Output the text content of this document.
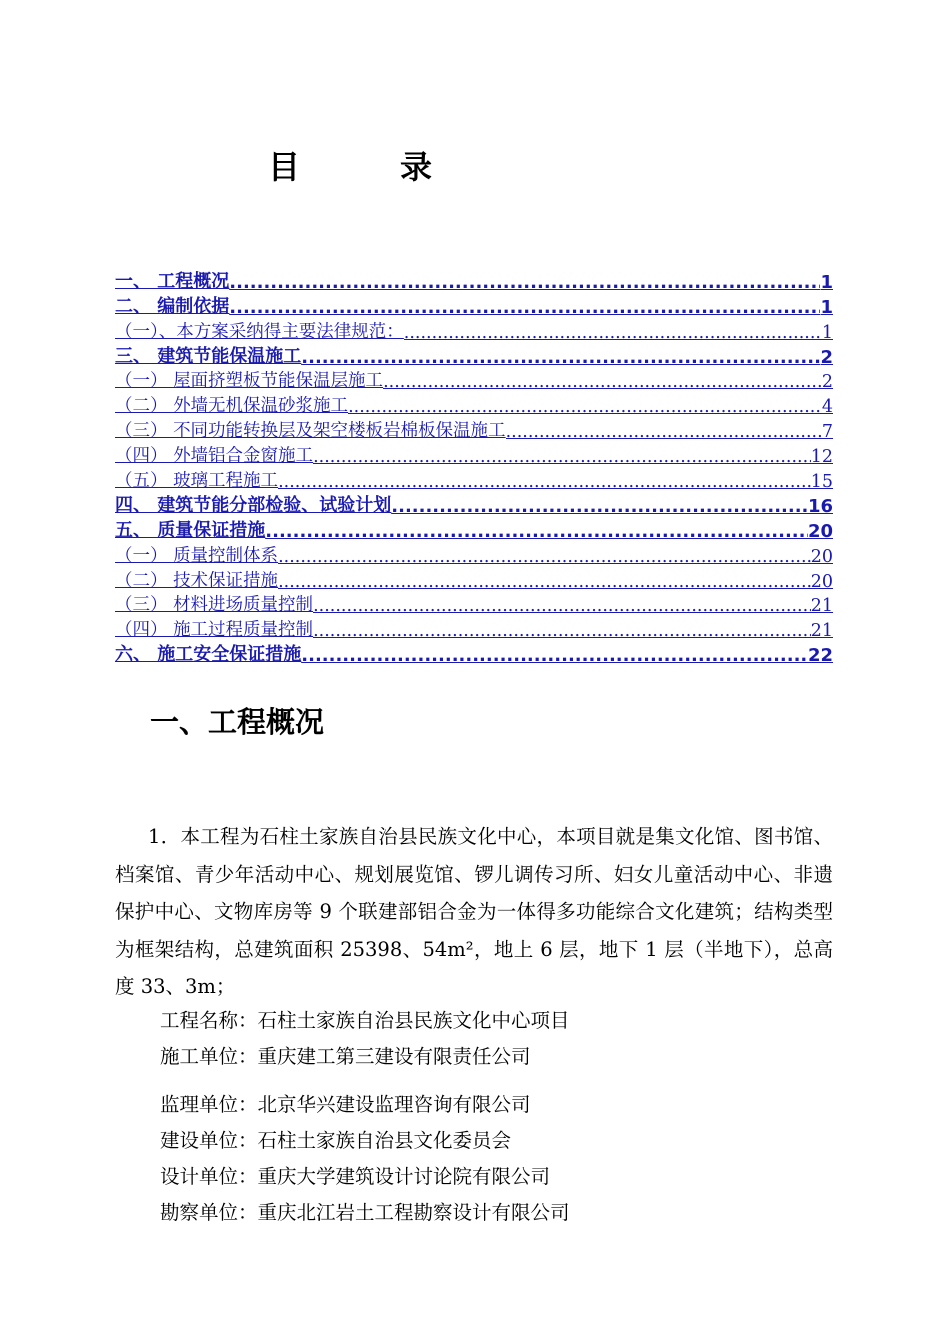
目　录
一、 工程概况 .....	1
二、 编制依据 .....	1
（一）、本方案采纳得主要法律规范： .....	1
三、 建筑节能保温施工 .....	2
（一） 屋面挤塑板节能保温层施工 .....	2
（二） 外墙无机保温砂浆施工 .....	4
（三） 不同功能转换层及架空楼板岩棉板保温施工 .....	7
（四） 外墙铝合金窗施工 .....	12
（五） 玻璃工程施工 .....	15
四、 建筑节能分部检验、试验计划 .....	16
五、 质量保证措施 .....	20
（一） 质量控制体系 .....	20
（二） 技术保证措施 .....	20
（三） 材料进场质量控制 .....	21
（四） 施工过程质量控制 .....	21
六、 施工安全保证措施 .....	22
一、工程概况
1．本工程为石柱土家族自治县民族文化中心，本项目就是集文化馆、图书馆、档案馆、青少年活动中心、规划展览馆、锣儿调传习所、妇女儿童活动中心、非遗保护中心、文物库房等 9 个联建部铝合金为一体得多功能综合文化建筑；结构类型为框架结构，总建筑面积 25398、54m²，地上 6 层，地下 1 层（半地下），总高度 33、3m；
工程名称：石柱土家族自治县民族文化中心项目
施工单位：重庆建工第三建设有限责任公司
监理单位：北京华兴建设监理咨询有限公司
建设单位：石柱土家族自治县文化委员会
设计单位：重庆大学建筑设计讨论院有限公司
勘察单位：重庆北江岩土工程勘察设计有限公司
